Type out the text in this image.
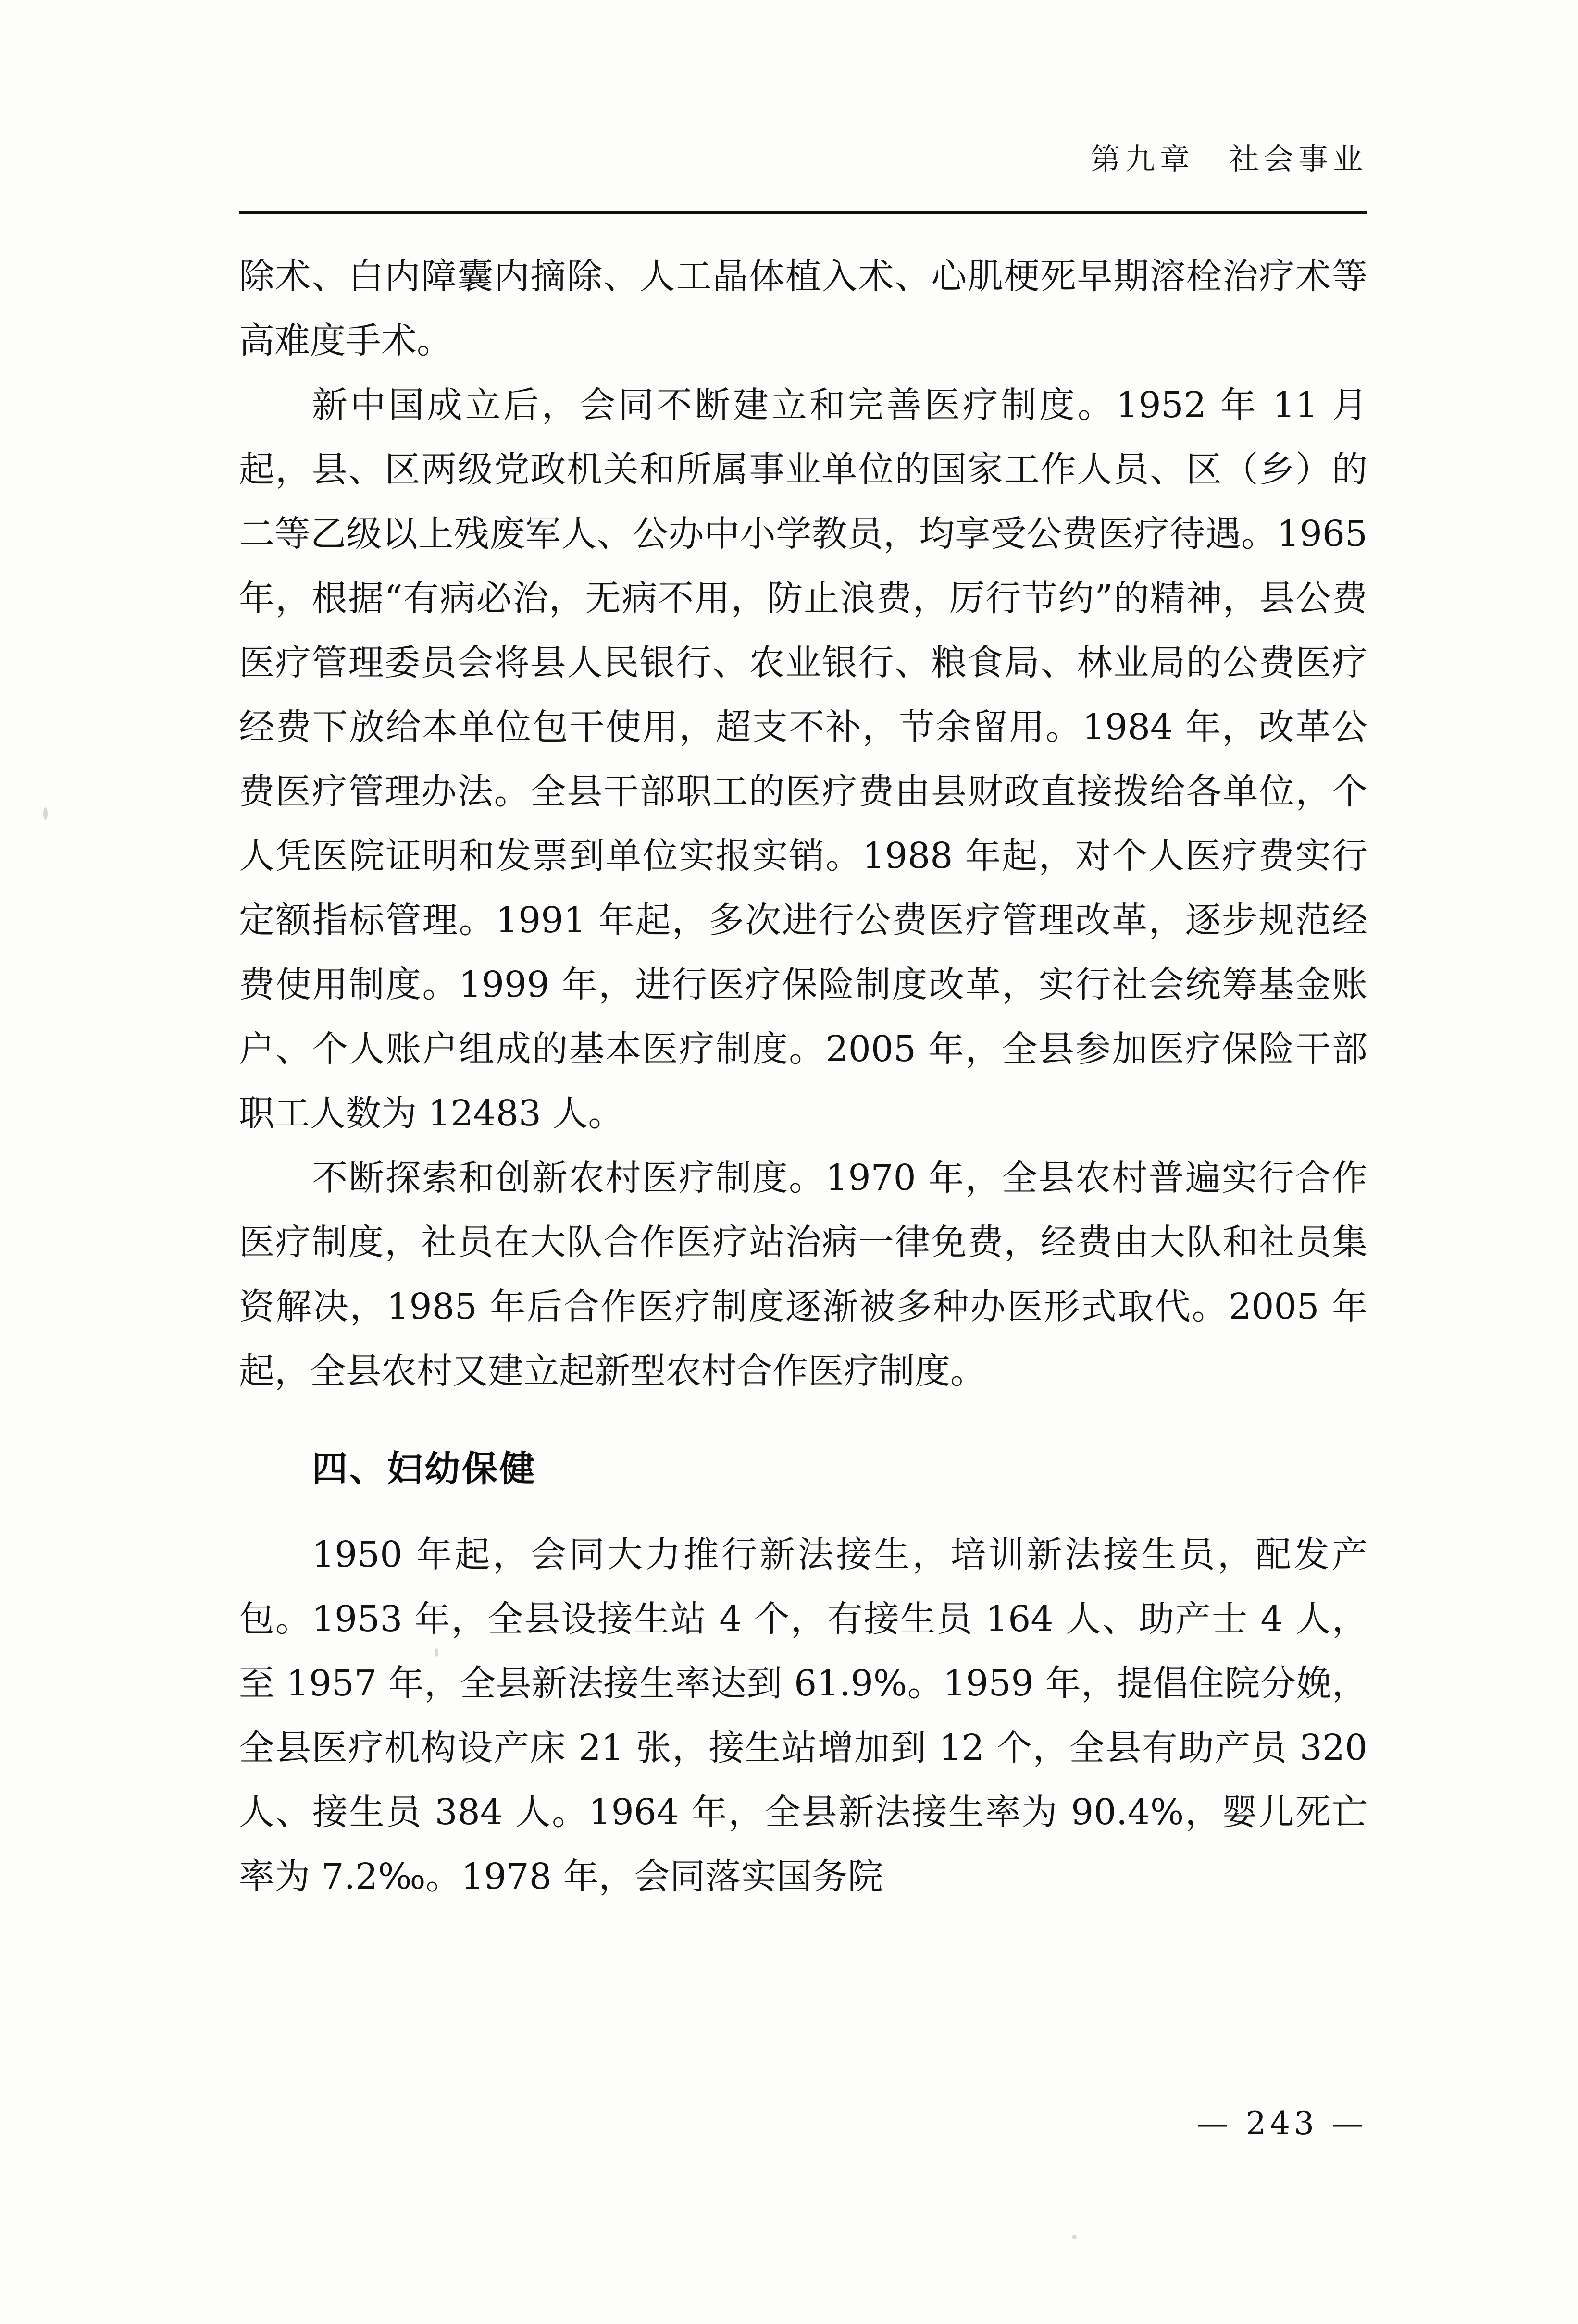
第九章　社会事业

除术、白内障囊内摘除、人工晶体植入术、心肌梗死早期溶栓治疗术等高难度手术。

新中国成立后，会同不断建立和完善医疗制度。1952 年 11 月起，县、区两级党政机关和所属事业单位的国家工作人员、区（乡）的二等乙级以上残废军人、公办中小学教员，均享受公费医疗待遇。1965 年，根据“有病必治，无病不用，防止浪费，厉行节约”的精神，县公费医疗管理委员会将县人民银行、农业银行、粮食局、林业局的公费医疗经费下放给本单位包干使用，超支不补，节余留用。1984 年，改革公费医疗管理办法。全县干部职工的医疗费由县财政直接拨给各单位，个人凭医院证明和发票到单位实报实销。1988 年起，对个人医疗费实行定额指标管理。1991 年起，多次进行公费医疗管理改革，逐步规范经费使用制度。1999 年，进行医疗保险制度改革，实行社会统筹基金账户、个人账户组成的基本医疗制度。2005 年，全县参加医疗保险干部职工人数为 12483 人。

不断探索和创新农村医疗制度。1970 年，全县农村普遍实行合作医疗制度，社员在大队合作医疗站治病一律免费，经费由大队和社员集资解决，1985 年后合作医疗制度逐渐被多种办医形式取代。2005 年起，全县农村又建立起新型农村合作医疗制度。

四、妇幼保健

1950 年起，会同大力推行新法接生，培训新法接生员，配发产包。1953 年，全县设接生站 4 个，有接生员 164 人、助产士 4 人，至 1957 年，全县新法接生率达到 61.9%。1959 年，提倡住院分娩，全县医疗机构设产床 21 张，接生站增加到 12 个，全县有助产员 320 人、接生员 384 人。1964 年，全县新法接生率为 90.4%，婴儿死亡率为 7.2‰。1978 年，会同落实国务院

— 243 —
